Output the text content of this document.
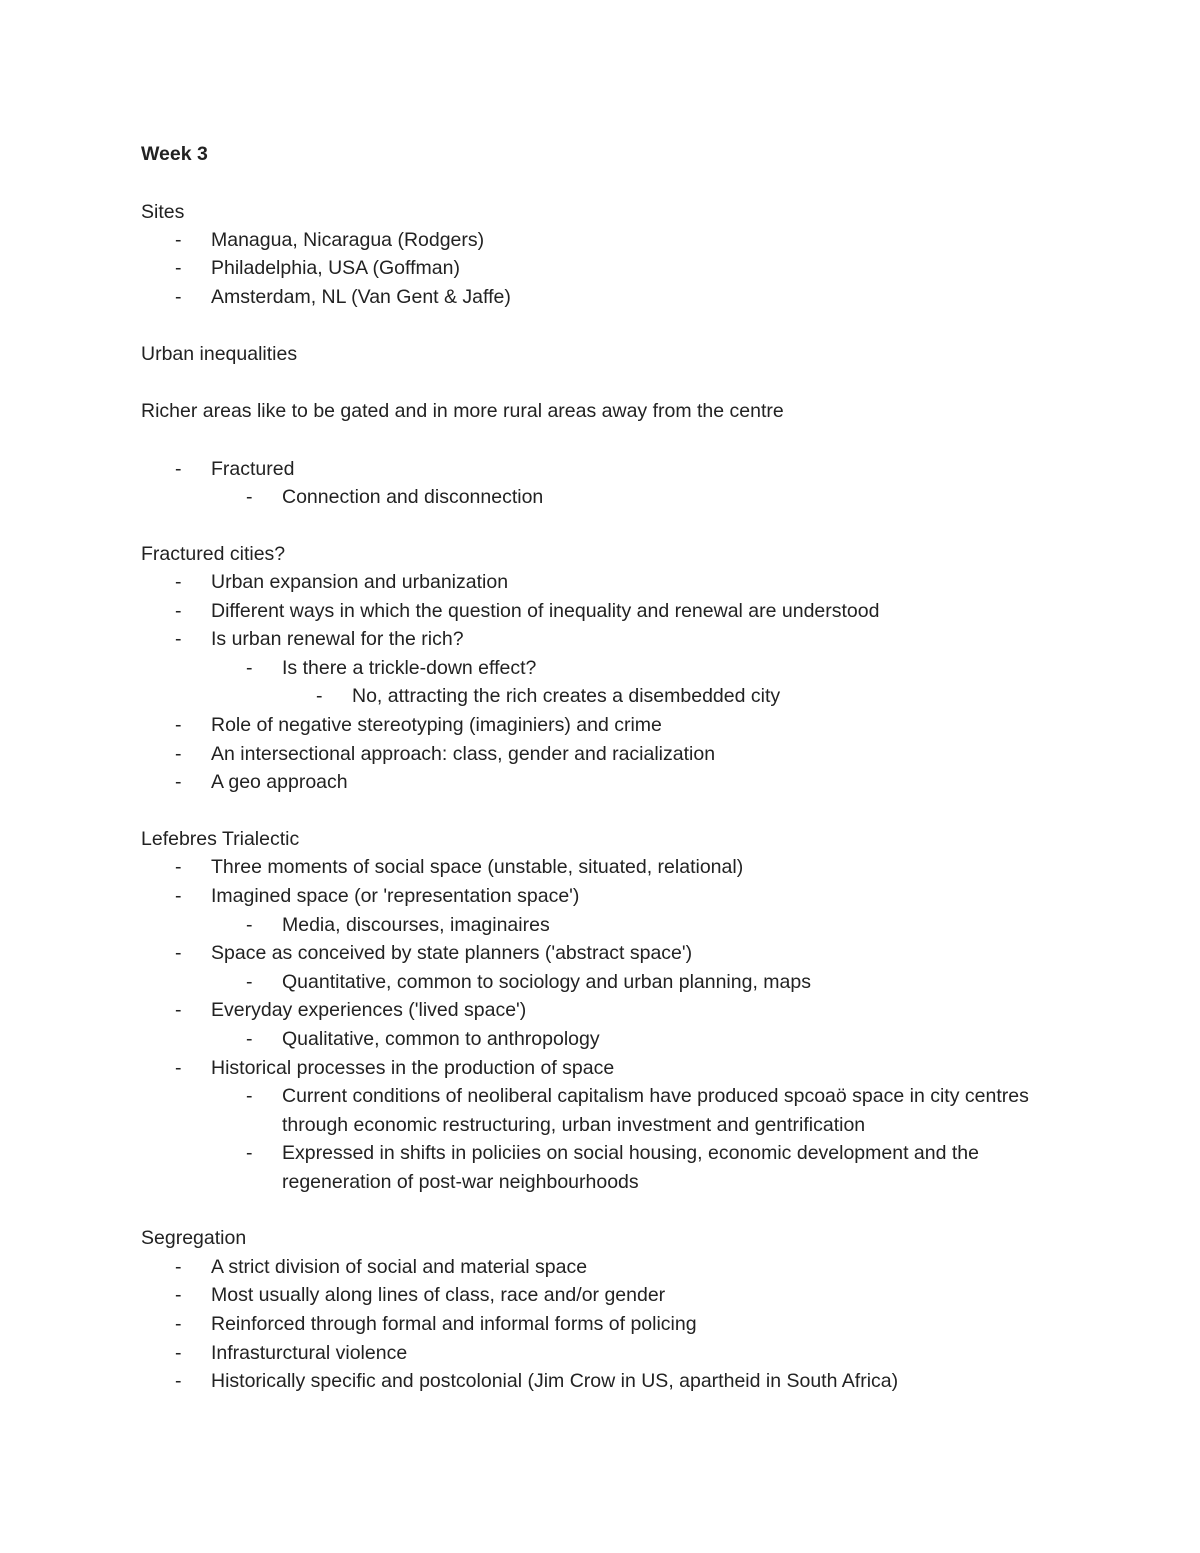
Week 3
Sites
- Managua, Nicaragua (Rodgers)
- Philadelphia, USA (Goffman)
- Amsterdam, NL (Van Gent & Jaffe)
Urban inequalities
Richer areas like to be gated and in more rural areas away from the centre
- Fractured
- Connection and disconnection
Fractured cities?
- Urban expansion and urbanization
- Different ways in which the question of inequality and renewal are understood
- Is urban renewal for the rich?
- Is there a trickle-down effect?
- No, attracting the rich creates a disembedded city
- Role of negative stereotyping (imaginiers) and crime
- An intersectional approach: class, gender and racialization
- A geo approach
Lefebres Trialectic
- Three moments of social space (unstable, situated, relational)
- Imagined space (or 'representation space')
- Media, discourses, imaginaires
- Space as conceived by state planners ('abstract space')
- Quantitative, common to sociology and urban planning, maps
- Everyday experiences ('lived space')
- Qualitative, common to anthropology
- Historical processes in the production of space
- Current conditions of neoliberal capitalism have produced spcoaö space in city centres through economic restructuring, urban investment and gentrification
- Expressed in shifts in policiies on social housing, economic development and the regeneration of post-war neighbourhoods
Segregation
- A strict division of social and material space
- Most usually along lines of class, race and/or gender
- Reinforced through formal and informal forms of policing
- Infrasturctural violence
- Historically specific and postcolonial (Jim Crow in US, apartheid in South Africa)
